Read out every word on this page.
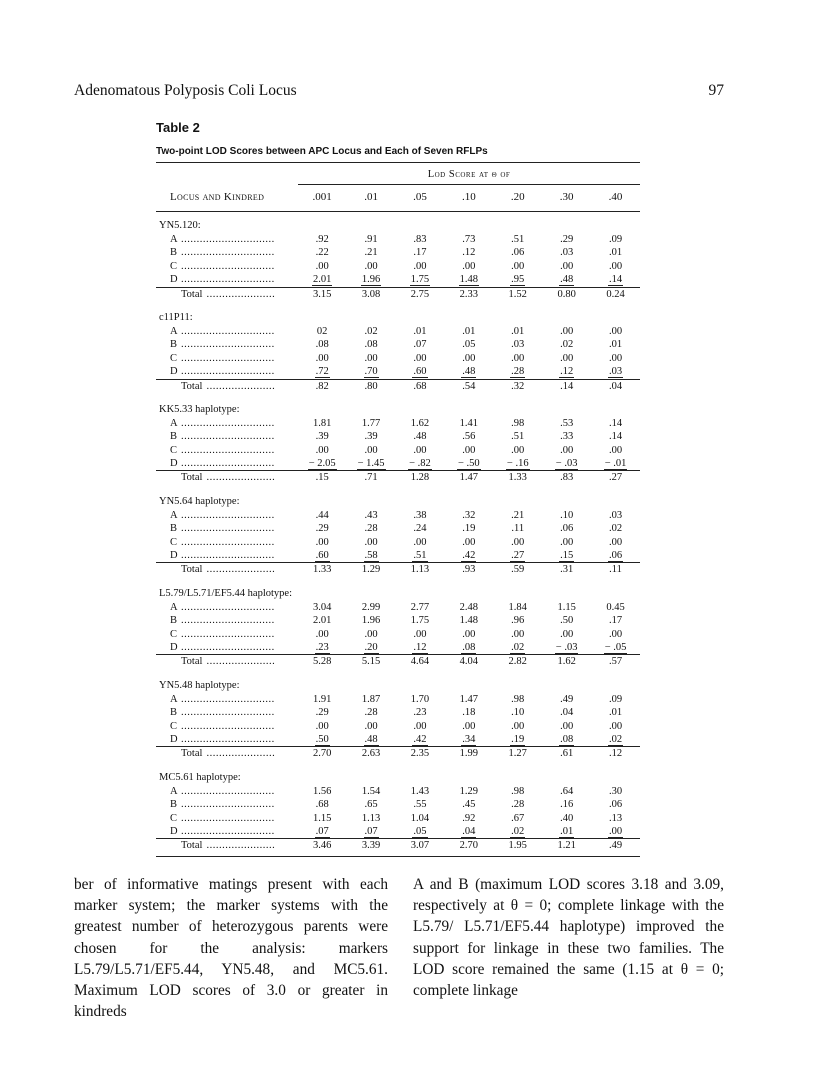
Adenomatous Polyposis Coli Locus	97
Table 2
Two-point LOD Scores between APC Locus and Each of Seven RFLPs
Lod Score at θ of
Locus and Kindred	.001	.01	.05	.10	.20	.30	.40
YN5.120:
A ..............................	.92	.91	.83	.73	.51	.29	.09
B ..............................	.22	.21	.17	.12	.06	.03	.01
C ..............................	.00	.00	.00	.00	.00	.00	.00
D ..............................	2.01	1.96	1.75	1.48	.95	.48	.14
Total ......................	3.15	3.08	2.75	2.33	1.52	0.80	0.24
c11P11:
A ..............................	02	.02	.01	.01	.01	.00	.00
B ..............................	.08	.08	.07	.05	.03	.02	.01
C ..............................	.00	.00	.00	.00	.00	.00	.00
D ..............................	.72	.70	.60	.48	.28	.12	.03
Total ......................	.82	.80	.68	.54	.32	.14	.04
KK5.33 haplotype:
A ..............................	1.81	1.77	1.62	1.41	.98	.53	.14
B ..............................	.39	.39	.48	.56	.51	.33	.14
C ..............................	.00	.00	.00	.00	.00	.00	.00
D ..............................	− 2.05	− 1.45	− .82	− .50	− .16	− .03	− .01
Total ......................	.15	.71	1.28	1.47	1.33	.83	.27
YN5.64 haplotype:
A ..............................	.44	.43	.38	.32	.21	.10	.03
B ..............................	.29	.28	.24	.19	.11	.06	.02
C ..............................	.00	.00	.00	.00	.00	.00	.00
D ..............................	.60	.58	.51	.42	.27	.15	.06
Total ......................	1.33	1.29	1.13	.93	.59	.31	.11
L5.79/L5.71/EF5.44 haplotype:
A ..............................	3.04	2.99	2.77	2.48	1.84	1.15	0.45
B ..............................	2.01	1.96	1.75	1.48	.96	.50	.17
C ..............................	.00	.00	.00	.00	.00	.00	.00
D ..............................	.23	.20	.12	.08	.02	− .03	− .05
Total ......................	5.28	5.15	4.64	4.04	2.82	1.62	.57
YN5.48 haplotype:
A ..............................	1.91	1.87	1.70	1.47	.98	.49	.09
B ..............................	.29	.28	.23	.18	.10	.04	.01
C ..............................	.00	.00	.00	.00	.00	.00	.00
D ..............................	.50	.48	.42	.34	.19	.08	.02
Total ......................	2.70	2.63	2.35	1.99	1.27	.61	.12
MC5.61 haplotype:
A ..............................	1.56	1.54	1.43	1.29	.98	.64	.30
B ..............................	.68	.65	.55	.45	.28	.16	.06
C ..............................	1.15	1.13	1.04	.92	.67	.40	.13
D ..............................	.07	.07	.05	.04	.02	.01	.00
Total ......................	3.46	3.39	3.07	2.70	1.95	1.21	.49
ber of informative matings present with each marker system; the marker systems with the greatest number of heterozygous parents were chosen for the analysis: markers L5.79/L5.71/EF5.44, YN5.48, and MC5.61. Maximum LOD scores of 3.0 or greater in kindreds
A and B (maximum LOD scores 3.18 and 3.09, respectively at θ = 0; complete linkage with the L5.79/ L5.71/EF5.44 haplotype) improved the support for linkage in these two families. The LOD score remained the same (1.15 at θ = 0; complete linkage
